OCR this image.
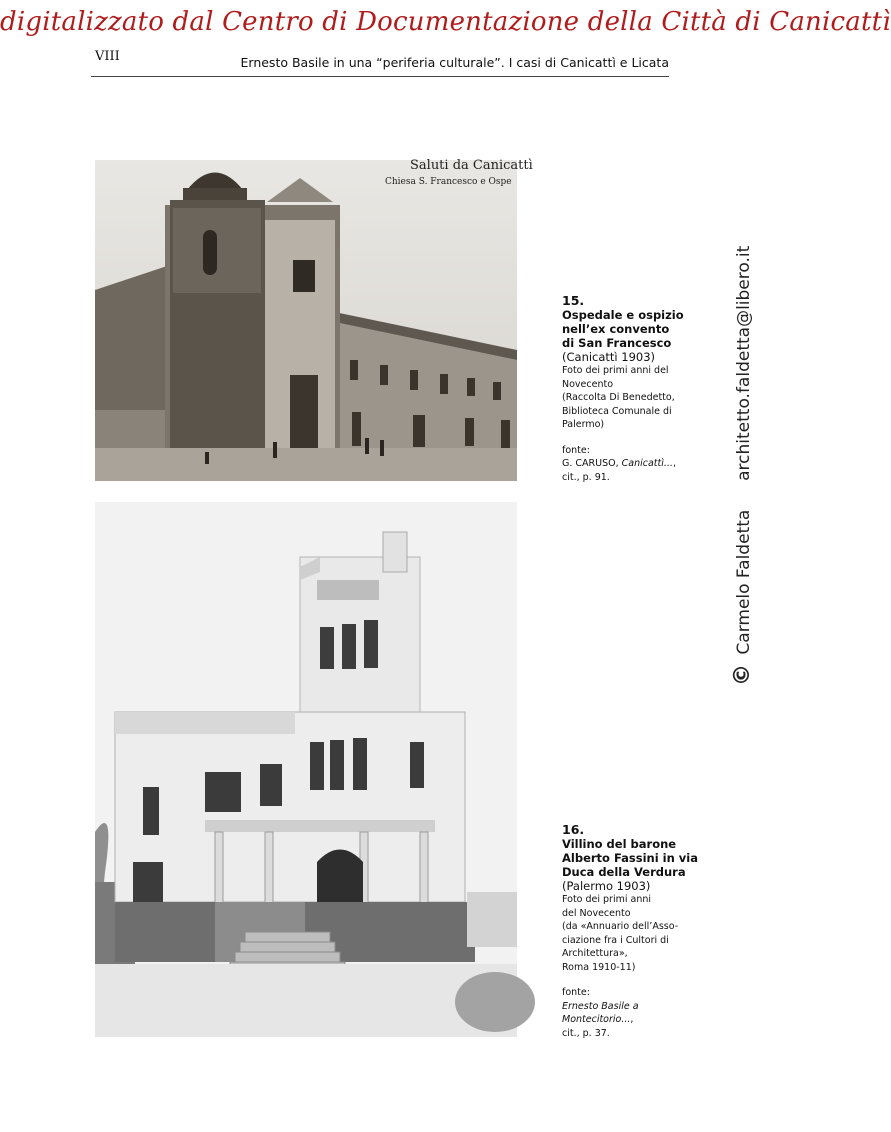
digitalizzato dal Centro di Documentazione della Città di Canicattì
VIII	Ernesto Basile in una “periferia culturale”. I casi di Canicattì e Licata
Saluti da Canicattì
Chiesa S. Francesco e Ospe
15.
Ospedale e ospizio
nell’ex convento
di San Francesco
(Canicattì 1903)
Foto dei primi anni del
Novecento
(Raccolta Di Benedetto,
Biblioteca Comunale di
Palermo)
fonte:
G. CARUSO, Canicattì...,
cit., p. 91.
16.
Villino del barone
Alberto Fassini in via
Duca della Verdura
(Palermo 1903)
Foto dei primi anni
del Novecento
(da «Annuario dell’Asso-
ciazione fra i Cultori di
Architettura»,
Roma 1910-11)
fonte:
Ernesto Basile a
Montecitorio...,
cit., p. 37.
© Carmelo Faldetta  architetto.faldetta@libero.it
